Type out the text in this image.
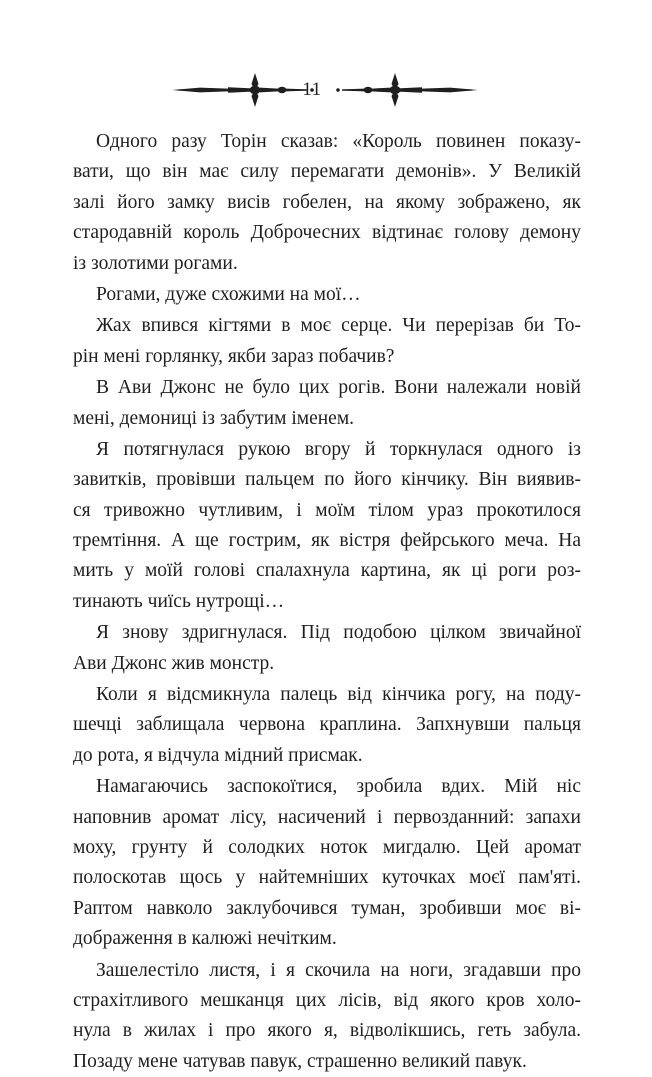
11
Одного разу Торін сказав: «Король повинен показу-
вати, що він має силу перемагати демонів». У Великій
залі його замку висів гобелен, на якому зображено, як
стародавній король Доброчесних відтинає голову демону
із золотими рогами.
Рогами, дуже схожими на мої…
Жах впився кігтями в моє серце. Чи перерізав би То-
рін мені горлянку, якби зараз побачив?
В Ави Джонс не було цих рогів. Вони належали новій
мені, демониці із забутим іменем.
Я потягнулася рукою вгору й торкнулася одного із
завитків, провівши пальцем по його кінчику. Він виявив-
ся тривожно чутливим, і моїм тілом ураз прокотилося
тремтіння. А ще гострим, як вістря фейрського меча. На
мить у моїй голові спалахнула картина, як ці роги роз-
тинають чиїсь нутрощі…
Я знову здригнулася. Під подобою цілком звичайної
Ави Джонс жив монстр.
Коли я відсмикнула палець від кінчика рогу, на поду-
шечці заблищала червона краплина. Запхнувши пальця
до рота, я відчула мідний присмак.
Намагаючись заспокоїтися, зробила вдих. Мій ніс
наповнив аромат лісу, насичений і первозданний: запахи
моху, грунту й солодких ноток мигдалю. Цей аромат
полоскотав щось у найтемніших куточках моєї пам'яті.
Раптом навколо заклубочився туман, зробивши моє ві-
дображення в калюжі нечітким.
Зашелестіло листя, і я скочила на ноги, згадавши про
страхітливого мешканця цих лісів, від якого кров холо-
нула в жилах і про якого я, відволікшись, геть забула.
Позаду мене чатував павук, страшенно великий павук.
